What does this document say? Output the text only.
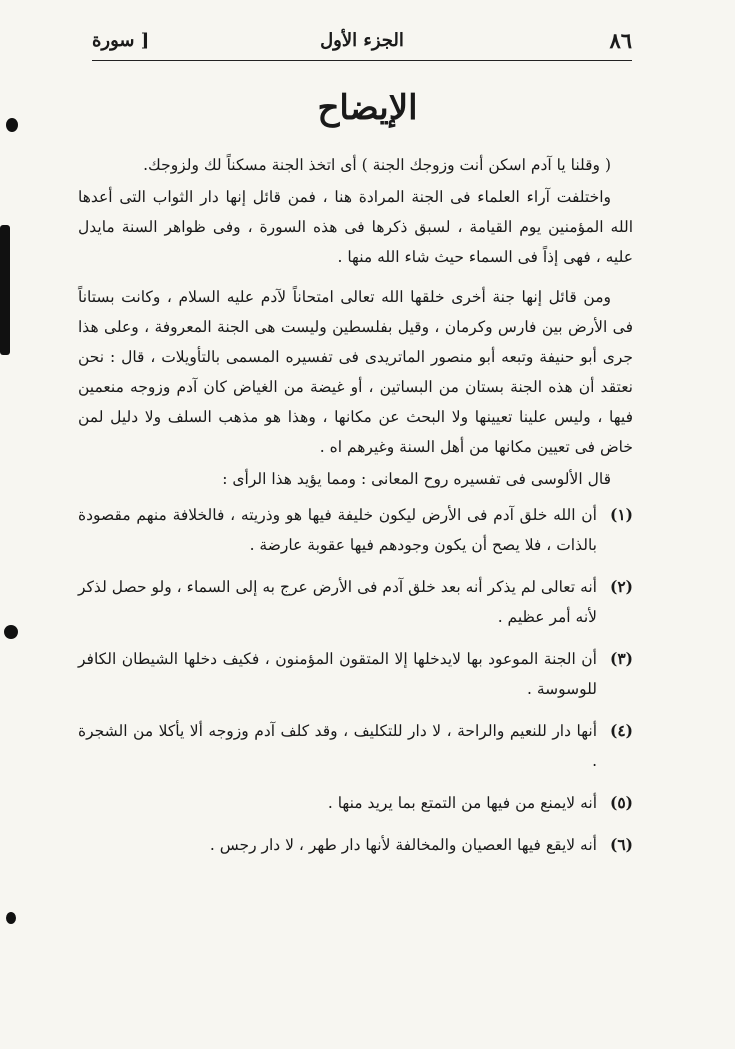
٨٦
الجزء الأول
[ سورة
الإيضاح

( وقلنا يا آدم اسكن أنت وزوجك الجنة ) أى اتخذ الجنة مسكناً لك ولزوجك.

واختلفت آراء العلماء فى الجنة المرادة هنا ، فمن قائل إنها دار الثواب التى أعدها الله المؤمنين يوم القيامة ، لسبق ذكرها فى هذه السورة ، وفى ظواهر السنة مايدل عليه ، فهى إذاً فى السماء حيث شاء الله منها .

ومن قائل إنها جنة أخرى خلقها الله تعالى امتحاناً لآدم عليه السلام ، وكانت بستاناً فى الأرض بين فارس وكرمان ، وقيل بفلسطين وليست هى الجنة المعروفة ، وعلى هذا جرى أبو حنيفة وتبعه أبو منصور الماتريدى فى تفسيره المسمى بالتأويلات ، قال : نحن نعتقد أن هذه الجنة بستان من البساتين ، أو غيضة من الغياض كان آدم وزوجه منعمين فيها ، وليس علينا تعيينها ولا البحث عن مكانها ، وهذا هو مذهب السلف ولا دليل لمن خاض فى تعيين مكانها من أهل السنة وغيرهم اه .

قال الألوسى فى تفسيره روح المعانى : ومما يؤيد هذا الرأى :

(١)

أن الله خلق آدم فى الأرض ليكون خليفة فيها هو وذريته ، فالخلافة منهم مقصودة بالذات ، فلا يصح أن يكون وجودهم فيها عقوبة عارضة .

(٢)

أنه تعالى لم يذكر أنه بعد خلق آدم فى الأرض عرج به إلى السماء ، ولو حصل لذكر لأنه أمر عظيم .

(٣)

أن الجنة الموعود بها لايدخلها إلا المتقون المؤمنون ، فكيف دخلها الشيطان الكافر للوسوسة .

(٤)

أنها دار للنعيم والراحة ، لا دار للتكليف ، وقد كلف آدم وزوجه ألا يأكلا من الشجرة .

(٥)

أنه لايمنع من فيها من التمتع بما يريد منها .

(٦)

أنه لايقع فيها العصيان والمخالفة لأنها دار طهر ، لا دار رجس .
